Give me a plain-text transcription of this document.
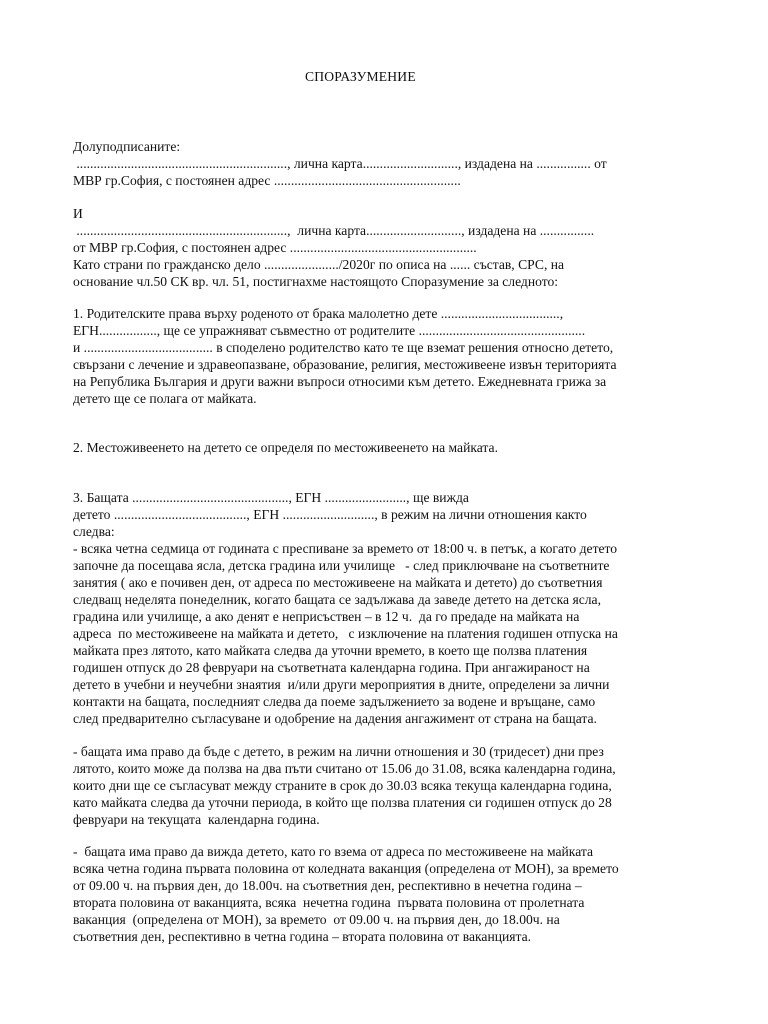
СПОРАЗУМЕНИЕ
Долуподписаните:
.............................................................., лична карта............................, издадена на ................ от
МВР гр.София, с постоянен адрес .......................................................
И
..............................................................,  лична карта............................, издадена на ................
от МВР гр.София, с постоянен адрес .......................................................
Като страни по гражданско дело ....................../2020г по описа на ...... състав, СРС, на
основание чл.50 СК вр. чл. 51, постигнахме настоящото Споразумение за следното:
1. Родителските права върху роденото от брака малолетно дете ...................................,
ЕГН................., ще се упражняват съвместно от родителите .................................................
и ...................................... в споделено родителство като те ще вземат решения относно детето,
свързани с лечение и здравеопазване, образование, религия, местоживеене извън територията
на Република България и други важни въпроси относими към детето. Ежедневната грижа за
детето ще се полага от майката.
2. Местоживеенето на детето се определя по местоживеенето на майката.
3. Бащата .............................................., ЕГН ........................, ще вижда
детето ......................................., ЕГН ..........................., в режим на лични отношения както
следва:
- всяка четна седмица от годината с преспиване за времето от 18:00 ч. в петък, а когато детето
започне да посещава ясла, детска градина или училище   - след приключване на съответните
занятия ( ако е почивен ден, от адреса по местоживеене на майката и детето) до съответния
следващ неделята понеделник, когато бащата се задължава да заведе детето на детска ясла,
градина или училище, а ако денят е неприсъствен – в 12 ч.  да го предаде на майката на
адреса  по местоживеене на майката и детето,   с изключение на платения годишен отпуска на
майката през лятото, като майката следва да уточни времето, в което ще ползва платения
годишен отпуск до 28 февруари на съответната календарна година. При ангажираност на
детето в учебни и неучебни знаятия  и/или други мероприятия в дните, определени за лични
контакти на бащата, последният следва да поеме задължението за водене и връщане, само
след предварително съгласуване и одобрение на дадения ангажимент от страна на бащата.
- бащата има право да бъде с детето, в режим на лични отношения и 30 (тридесет) дни през
лятото, които може да ползва на два пъти считано от 15.06 до 31.08, всяка календарна година,
които дни ще се съгласуват между страните в срок до 30.03 всяка текуща календарна година,
като майката следва да уточни периода, в който ще ползва платения си годишен отпуск до 28
февруари на текущата  календарна година.
-  бащата има право да вижда детето, като го взема от адреса по местоживеене на майката
всяка четна година първата половина от коледната ваканция (определена от МОН), за времето
от 09.00 ч. на първия ден, до 18.00ч. на съответния ден, респективно в нечетна година –
втората половина от ваканцията, всяка  нечетна година  първата половина от пролетната
ваканция  (определена от МОН), за времето  от 09.00 ч. на първия ден, до 18.00ч. на
съответния ден, респективно в четна година – втората половина от ваканцията.
